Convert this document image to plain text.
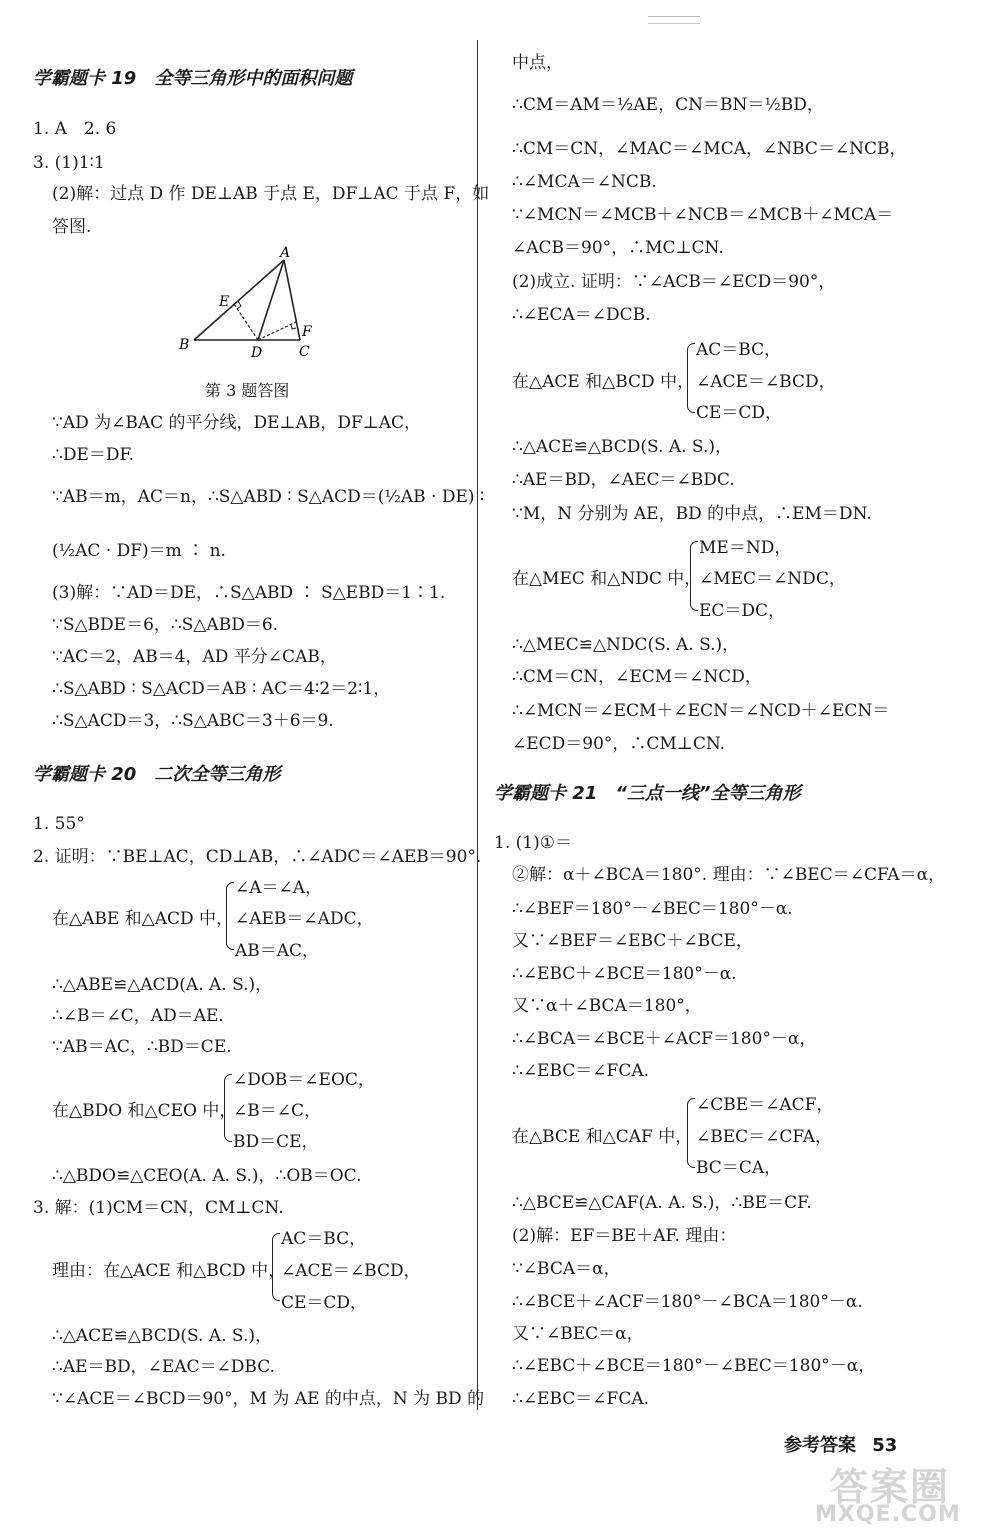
学霸题卡 19　全等三角形中的面积问题
1. A　2. 6
3. (1)1∶1
(2)解：过点 D 作 DE⊥AB 于点 E，DF⊥AC 于点 F，如
答图.
A
B	C
D
E
F
第 3 题答图
∵AD 为∠BAC 的平分线，DE⊥AB，DF⊥AC，
∴DE＝DF.
∵AB＝m，AC＝n，∴S△ABD ∶ S△ACD＝(½AB · DE) ∶
(½AC · DF)＝m ∶ n.
(3)解：∵AD＝DE，∴S△ABD ∶ S△EBD＝1∶1.
∵S△BDE＝6，∴S△ABD＝6.
∵AC＝2，AB＝4，AD 平分∠CAB，
∴S△ABD ∶ S△ACD＝AB ∶ AC＝4∶2＝2∶1，
∴S△ACD＝3，∴S△ABC＝3＋6＝9.
学霸题卡 20　二次全等三角形
1. 55°
2. 证明：∵BE⊥AC，CD⊥AB，∴∠ADC＝∠AEB＝90°.
∠A＝∠A，
在△ABE 和△ACD 中， ∠AEB＝∠ADC，
AB＝AC，
∴△ABE≌△ACD(A. A. S.)，
∴∠B＝∠C，AD＝AE.
∵AB＝AC，∴BD＝CE.
∠DOB＝∠EOC，
在△BDO 和△CEO 中，
∠B＝∠C，
BD＝CE，
∴△BDO≌△CEO(A. A. S.)，∴OB＝OC.
3. 解：(1)CM＝CN，CM⊥CN.
AC＝BC，
理由：在△ACE 和△BCD 中，
∠ACE＝∠BCD，
CE＝CD，
∴△ACE≌△BCD(S. A. S.)，
∴AE＝BD，∠EAC＝∠DBC.
∵∠ACE＝∠BCD＝90°，M 为 AE 的中点，N 为 BD 的
中点，
∴CM＝AM＝½AE，CN＝BN＝½BD，
∴CM＝CN，∠MAC＝∠MCA，∠NBC＝∠NCB，
∴∠MCA＝∠NCB.
∵∠MCN＝∠MCB＋∠NCB＝∠MCB＋∠MCA＝
∠ACB＝90°，∴MC⊥CN.
(2)成立. 证明：∵∠ACB＝∠ECD＝90°，
∴∠ECA＝∠DCB.
AC＝BC，
在△ACE 和△BCD 中， ∠ACE＝∠BCD，
CE＝CD，
∴△ACE≌△BCD(S. A. S.)，
∴AE＝BD，∠AEC＝∠BDC.
∵M，N 分别为 AE，BD 的中点，∴EM＝DN.
ME＝ND，
在△MEC 和△NDC 中，
∠MEC＝∠NDC，
EC＝DC，
∴△MEC≌△NDC(S. A. S.)，
∴CM＝CN，∠ECM＝∠NCD，
∴∠MCN＝∠ECM＋∠ECN＝∠NCD＋∠ECN＝
∠ECD＝90°，∴CM⊥CN.
学霸题卡 21　“三点一线”全等三角形
1. (1)①＝
②解：α＋∠BCA＝180°. 理由：∵∠BEC＝∠CFA＝α，
∴∠BEF＝180°－∠BEC＝180°－α.
又∵∠BEF＝∠EBC＋∠BCE，
∴∠EBC＋∠BCE＝180°－α.
又∵α＋∠BCA＝180°，
∴∠BCA＝∠BCE＋∠ACF＝180°－α，
∴∠EBC＝∠FCA.
∠CBE＝∠ACF，
在△BCE 和△CAF 中， ∠BEC＝∠CFA，
BC＝CA，
∴△BCE≌△CAF(A. A. S.)，∴BE＝CF.
(2)解：EF＝BE＋AF. 理由：
∵∠BCA＝α，
∴∠BCE＋∠ACF＝180°－∠BCA＝180°－α.
又∵∠BEC＝α，
∴∠EBC＋∠BCE＝180°－∠BEC＝180°－α，
∴∠EBC＝∠FCA.
参考答案 53
答案圈
MXQE.COM
